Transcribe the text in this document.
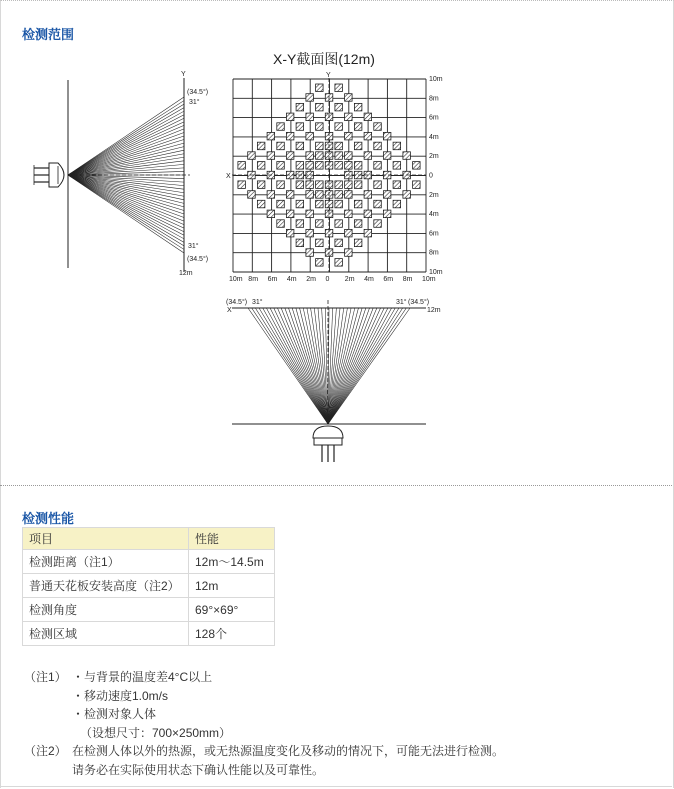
检测范围
Y
(34.5°)
31°
31°
(34.5°)
12m
X-Y截面图(12m)
Y
X
10m
8m
6m
4m
2m
0
2m
4m
6m
8m
10m
10m 8m 6m 4m 2m 0 2m 4m 6m 8m 10m
(34.5°) 31°
X
31° (34.5°)
12m
检测性能
项目	性能
检测距离（注1）	12m～14.5m
普通天花板安装高度（注2）	12m
检测角度	69°×69°
检测区域	128个
（注1） ・与背景的温度差4°C以上
・移动速度1.0m/s
・检测对象人体
（设想尺寸：700×250mm）
（注2） 在检测人体以外的热源，或无热源温度变化及移动的情况下，可能无法进行检测。
请务必在实际使用状态下确认性能以及可靠性。
